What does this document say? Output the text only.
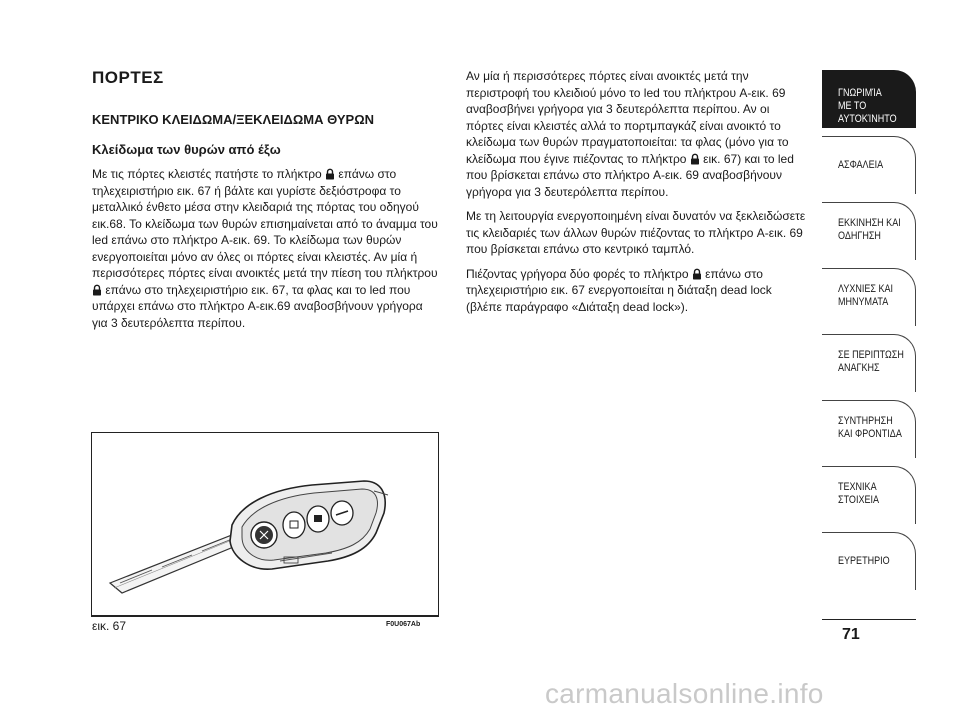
ΠΟΡΤΕΣ
ΚΕΝΤΡΙΚΟ ΚΛΕΙΔΩΜΑ/ΞΕΚΛΕΙΔΩΜΑ ΘΥΡΩΝ
Κλείδωμα των θυρών από έξω

Με τις πόρτες κλειστές πατήστε το πλήκτρο  επάνω στο τηλεχειριστήριο εικ. 67 ή βάλτε και γυρίστε δεξιόστροφα το μεταλλικό ένθετο μέσα στην κλειδαριά της πόρτας του οδηγού εικ.68. Το κλείδωμα των θυρών επισημαίνεται από το άναμμα του led επάνω στο πλήκτρο A-εικ. 69. Το κλείδωμα των θυρών ενεργοποιείται μόνο αν όλες οι πόρτες είναι κλειστές. Αν μία ή περισσότερες πόρτες είναι ανοικτές μετά την πίεση του πλήκτρου  επάνω στο τηλεχειριστήριο εικ. 67, τα φλας και το led που υπάρχει επάνω στο πλήκτρο A-εικ.69 αναβοσβήνουν γρήγορα για 3 δευτερόλεπτα περίπου.

Αν μία ή περισσότερες πόρτες είναι ανοικτές μετά την περιστροφή του κλειδιού μόνο το led του πλήκτρου A-εικ. 69 αναβοσβήνει γρήγορα για 3 δευτερόλεπτα περίπου. Αν οι πόρτες είναι κλειστές αλλά το πορτμπαγκάζ είναι ανοικτό το κλείδωμα των θυρών πραγματοποιείται: τα φλας (μόνο για το κλείδωμα που έγινε πιέζοντας το πλήκτρο  εικ. 67) και το led που βρίσκεται επάνω στο πλήκτρο A-εικ. 69 αναβοσβήνουν γρήγορα για 3 δευτερόλεπτα περίπου.

Με τη λειτουργία ενεργοποιημένη είναι δυνατόν να ξεκλειδώσετε τις κλειδαριές των άλλων θυρών πιέζοντας το πλήκτρο A-εικ. 69 που βρίσκεται επάνω στο κεντρικό ταμπλό.

Πιέζοντας γρήγορα δύο φορές το πλήκτρο  επάνω στο τηλεχειριστήριο εικ. 67 ενεργοποιείται η διάταξη dead lock (βλέπε παράγραφο «Διάταξη dead lock»).

εικ. 67	F0U067Ab
ΓΝΩΡΙΜΊΑ
ΜΕ ΤΟ
ΑΥΤΟΚΊΝΗΤΟ
ΑΣΦΑΛΕΙΑ
ΕΚΚΙΝΗΣΗ ΚΑΙ
ΟΔΗΓΗΣΗ
ΛΥΧΝΙΕΣ ΚΑΙ
ΜΗΝΥΜΑΤΑ
ΣΕ ΠΕΡΙΠΤΩΣΗ
ΑΝΑΓΚΗΣ
ΣΥΝΤΗΡΗΣΗ
ΚΑΙ ΦΡΟΝΤΙΔΑ
ΤΕΧΝΙΚΑ
ΣΤΟΙΧΕΙΑ
ΕΥΡΕΤΗΡΙΟ
71
carmanualsonline.info
